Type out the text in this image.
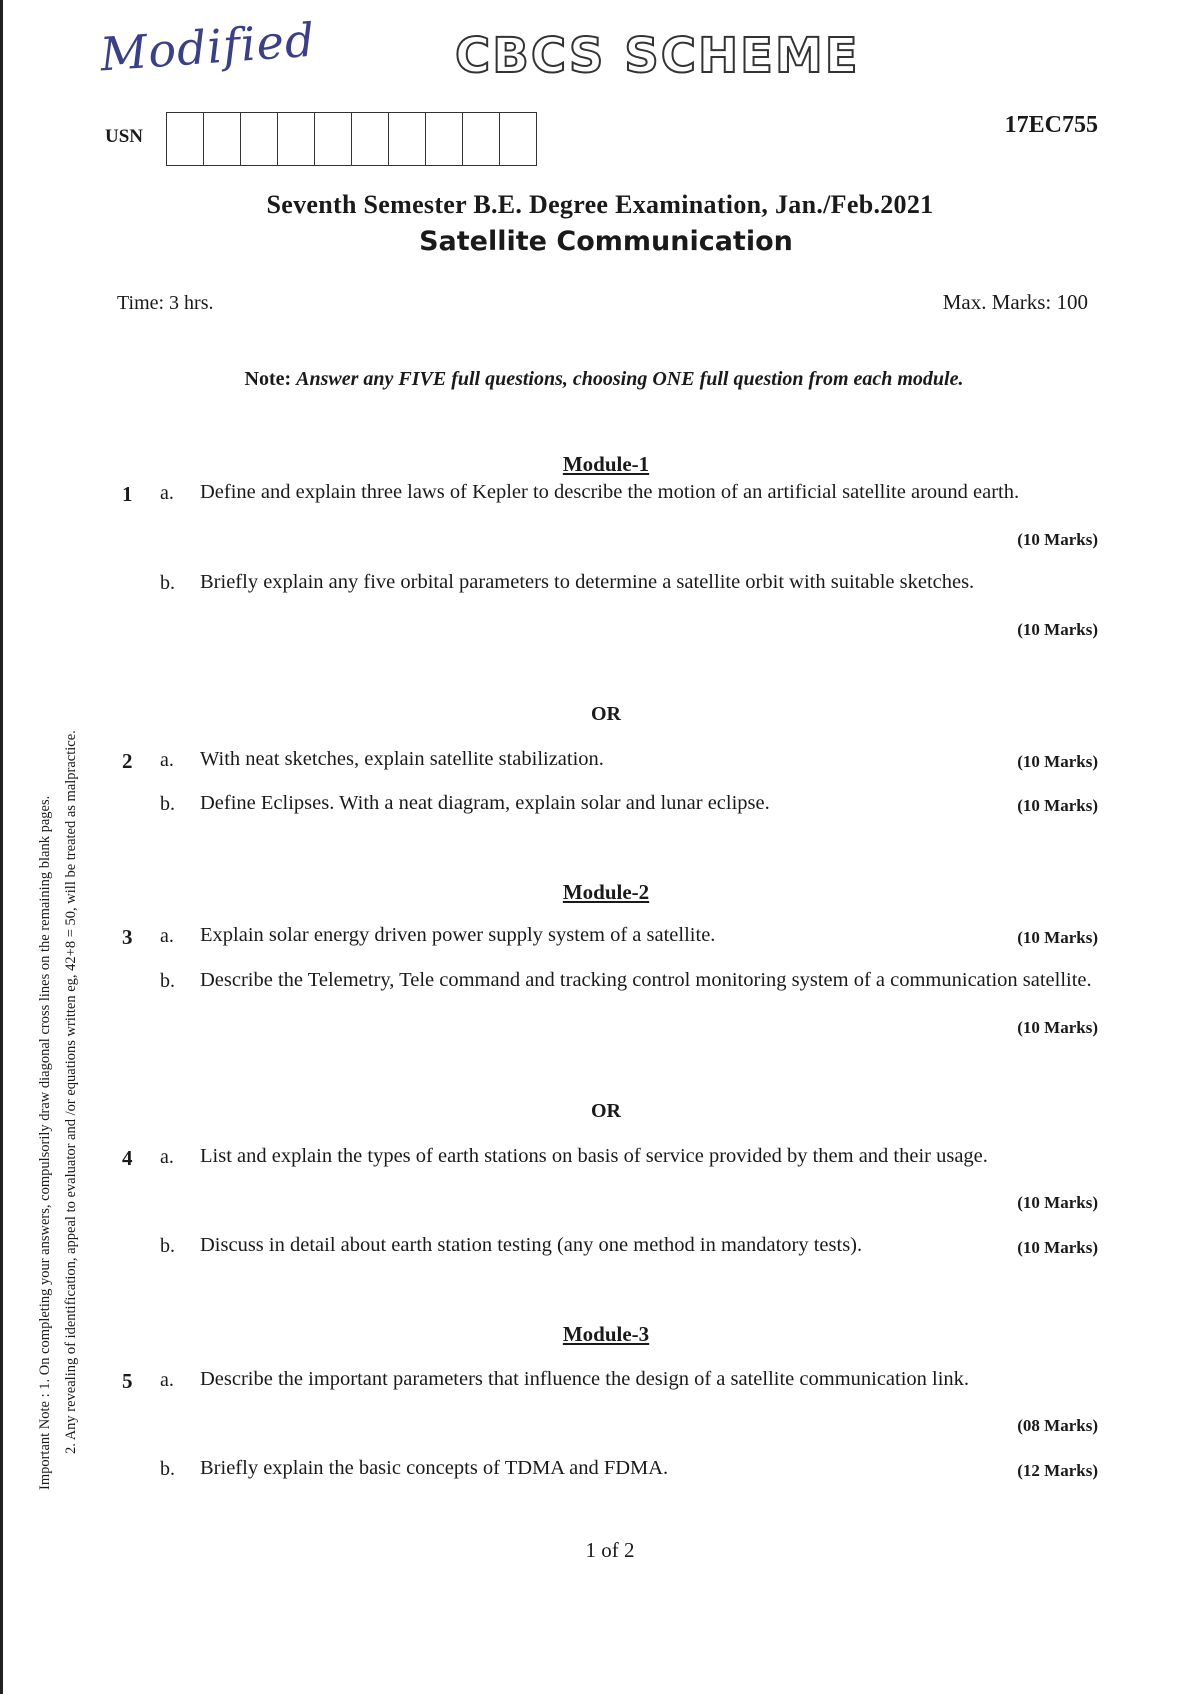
Modified	CBCS SCHEME
USN	17EC755
Seventh Semester B.E. Degree Examination, Jan./Feb.2021
Satellite Communication
Time: 3 hrs.	Max. Marks: 100
Note: Answer any FIVE full questions, choosing ONE full question from each module.
Important Note : 1. On completing your answers, compulsorily draw diagonal cross lines on the remaining blank pages. 2. Any revealing of identification, appeal to evaluator and /or equations written eg, 42+8 = 50, will be treated as malpractice.
Module-1
1 a. Define and explain three laws of Kepler to describe the motion of an artificial satellite around earth.
(10 Marks)
b. Briefly explain any five orbital parameters to determine a satellite orbit with suitable sketches.
(10 Marks)
OR
2 a. With neat sketches, explain satellite stabilization.	(10 Marks)
b. Define Eclipses. With a neat diagram, explain solar and lunar eclipse.	(10 Marks)
Module-2
3 a. Explain solar energy driven power supply system of a satellite.	(10 Marks)
b. Describe the Telemetry, Tele command and tracking control monitoring system of a communication satellite.
(10 Marks)
OR
4 a. List and explain the types of earth stations on basis of service provided by them and their usage.
(10 Marks)
b. Discuss in detail about earth station testing (any one method in mandatory tests).	(10 Marks)
Module-3
5 a. Describe the important parameters that influence the design of a satellite communication link.
(08 Marks)
b. Briefly explain the basic concepts of TDMA and FDMA.	(12 Marks)
1 of 2
